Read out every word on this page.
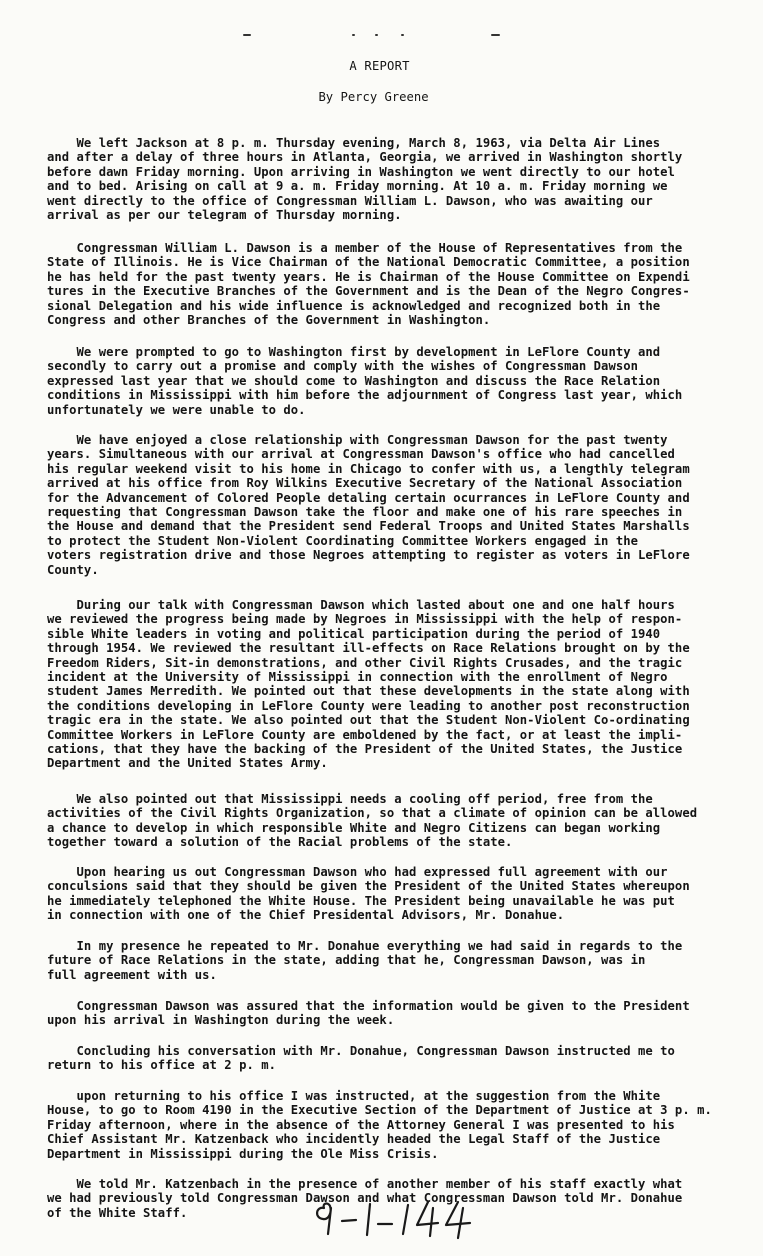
A REPORT
By Percy Greene

We left Jackson at 8 p. m. Thursday evening, March 8, 1963, via Delta Air Lines
and after a delay of three hours in Atlanta, Georgia, we arrived in Washington shortly
before dawn Friday morning. Upon arriving in Washington we went directly to our hotel
and to bed. Arising on call at 9 a. m. Friday morning. At 10 a. m. Friday morning we
went directly to the office of Congressman William L. Dawson, who was awaiting our
arrival as per our telegram of Thursday morning.

Congressman William L. Dawson is a member of the House of Representatives from the
State of Illinois. He is Vice Chairman of the National Democratic Committee, a position
he has held for the past twenty years. He is Chairman of the House Committee on Expendi
tures in the Executive Branches of the Government and is the Dean of the Negro Congres-
sional Delegation and his wide influence is acknowledged and recognized both in the
Congress and other Branches of the Government in Washington.

We were prompted to go to Washington first by development in LeFlore County and
secondly to carry out a promise and comply with the wishes of Congressman Dawson
expressed last year that we should come to Washington and discuss the Race Relation
conditions in Mississippi with him before the adjournment of Congress last year, which
unfortunately we were unable to do.

We have enjoyed a close relationship with Congressman Dawson for the past twenty
years. Simultaneous with our arrival at Congressman Dawson's office who had cancelled
his regular weekend visit to his home in Chicago to confer with us, a lengthly telegram
arrived at his office from Roy Wilkins Executive Secretary of the National Association
for the Advancement of Colored People detaling certain ocurrances in LeFlore County and
requesting that Congressman Dawson take the floor and make one of his rare speeches in
the House and demand that the President send Federal Troops and United States Marshalls
to protect the Student Non-Violent Coordinating Committee Workers engaged in the
voters registration drive and those Negroes attempting to register as voters in LeFlore
County.

During our talk with Congressman Dawson which lasted about one and one half hours
we reviewed the progress being made by Negroes in Mississippi with the help of respon-
sible White leaders in voting and political participation during the period of 1940
through 1954. We reviewed the resultant ill-effects on Race Relations brought on by the
Freedom Riders, Sit-in demonstrations, and other Civil Rights Crusades, and the tragic
incident at the University of Mississippi in connection with the enrollment of Negro
student James Merredith. We pointed out that these developments in the state along with
the conditions developing in LeFlore County were leading to another post reconstruction
tragic era in the state. We also pointed out that the Student Non-Violent Co-ordinating
Committee Workers in LeFlore County are emboldened by the fact, or at least the impli-
cations, that they have the backing of the President of the United States, the Justice
Department and the United States Army.

We also pointed out that Mississippi needs a cooling off period, free from the
activities of the Civil Rights Organization, so that a climate of opinion can be allowed
a chance to develop in which responsible White and Negro Citizens can began working
together toward a solution of the Racial problems of the state.

Upon hearing us out Congressman Dawson who had expressed full agreement with our
conculsions said that they should be given the President of the United States whereupon
he immediately telephoned the White House. The President being unavailable he was put
in connection with one of the Chief Presidental Advisors, Mr. Donahue.

In my presence he repeated to Mr. Donahue everything we had said in regards to the
future of Race Relations in the state, adding that he, Congressman Dawson, was in
full agreement with us.

Congressman Dawson was assured that the information would be given to the President
upon his arrival in Washington during the week.

Concluding his conversation with Mr. Donahue, Congressman Dawson instructed me to
return to his office at 2 p. m.

upon returning to his office I was instructed, at the suggestion from the White
House, to go to Room 4190 in the Executive Section of the Department of Justice at 3 p. m.
Friday afternoon, where in the absence of the Attorney General I was presented to his
Chief Assistant Mr. Katzenback who incidently headed the Legal Staff of the Justice
Department in Mississippi during the Ole Miss Crisis.

We told Mr. Katzenbach in the presence of another member of his staff exactly what
we had previously told Congressman Dawson and what Congressman Dawson told Mr. Donahue
of the White Staff.
